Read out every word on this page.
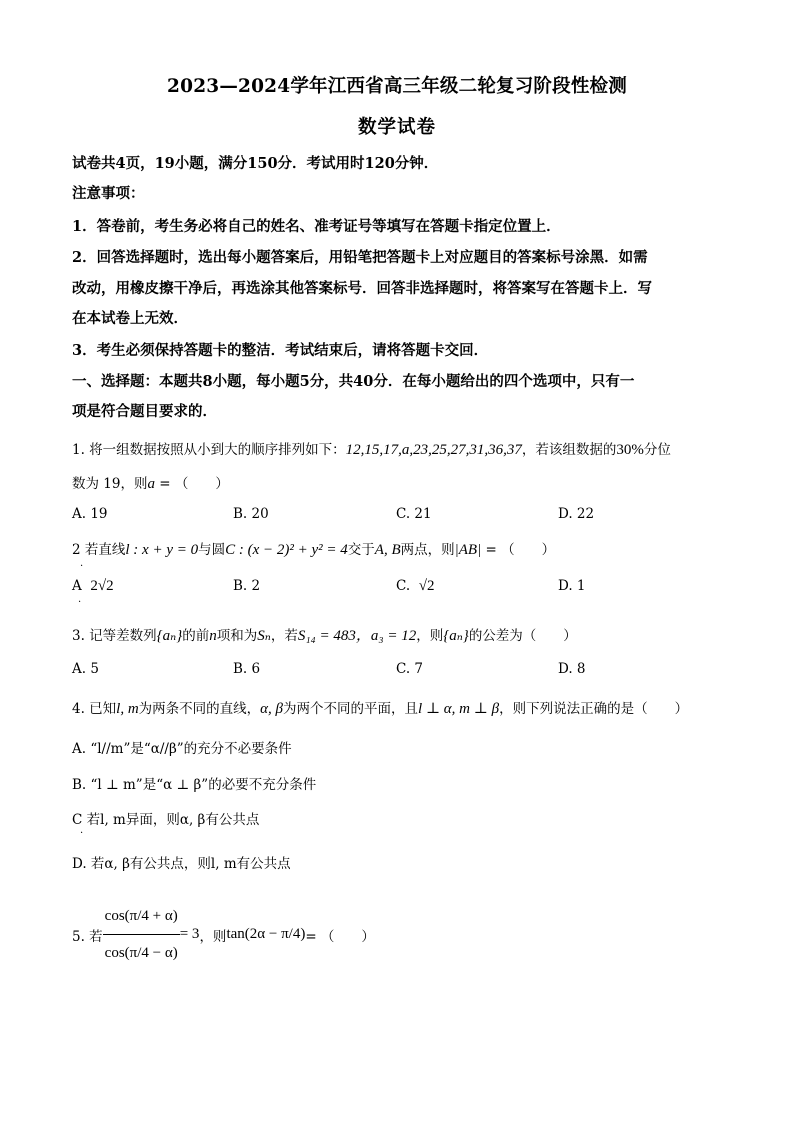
2023—2024学年江西省高三年级二轮复习阶段性检测
数学试卷
试卷共4页，19小题，满分150分．考试用时120分钟．
注意事项：
1．答卷前，考生务必将自己的姓名、准考证号等填写在答题卡指定位置上．
2．回答选择题时，选出每小题答案后，用铅笔把答题卡上对应题目的答案标号涂黑．如需
改动，用橡皮擦干净后，再选涂其他答案标号．回答非选择题时，将答案写在答题卡上．写
在本试卷上无效．
3．考生必须保持答题卡的整洁．考试结束后，请将答题卡交回．
一、选择题：本题共8小题，每小题5分，共40分．在每小题给出的四个选项中，只有一
项是符合题目要求的．
1. 将一组数据按照从小到大的顺序排列如下：12,15,17,a,23,25,27,31,36,37，若该组数据的30%分位
数为 19，则a = （　　）
A. 19	B. 20	C. 21	D. 22
2 若直线l : x + y = 0与圆C : (x − 2)² + y² = 4交于A, B两点，则|AB| = （　　）
.
A 2√2	B. 2	C. √2	D. 1
.
3. 记等差数列{aₙ}的前n项和为Sₙ，若S₁₄ = 483，a₃ = 12，则{aₙ}的公差为（　　）
A. 5	B. 6	C. 7	D. 8
4. 已知l, m为两条不同的直线，α, β为两个不同的平面，且l ⊥ α, m ⊥ β，则下列说法正确的是（　　）
A. “l//m”是“α//β”的充分不必要条件
B. “l ⊥ m”是“α ⊥ β”的必要不充分条件
C 若l, m异面，则α, β有公共点
.
D. 若α, β有公共点，则l, m有公共点
5. 若 $\frac{\cos(\pi/4 + \alpha)}{\cos(\pi/4 - \alpha)} = 3$ ，则 tan(2α − π/4) = （　　）
